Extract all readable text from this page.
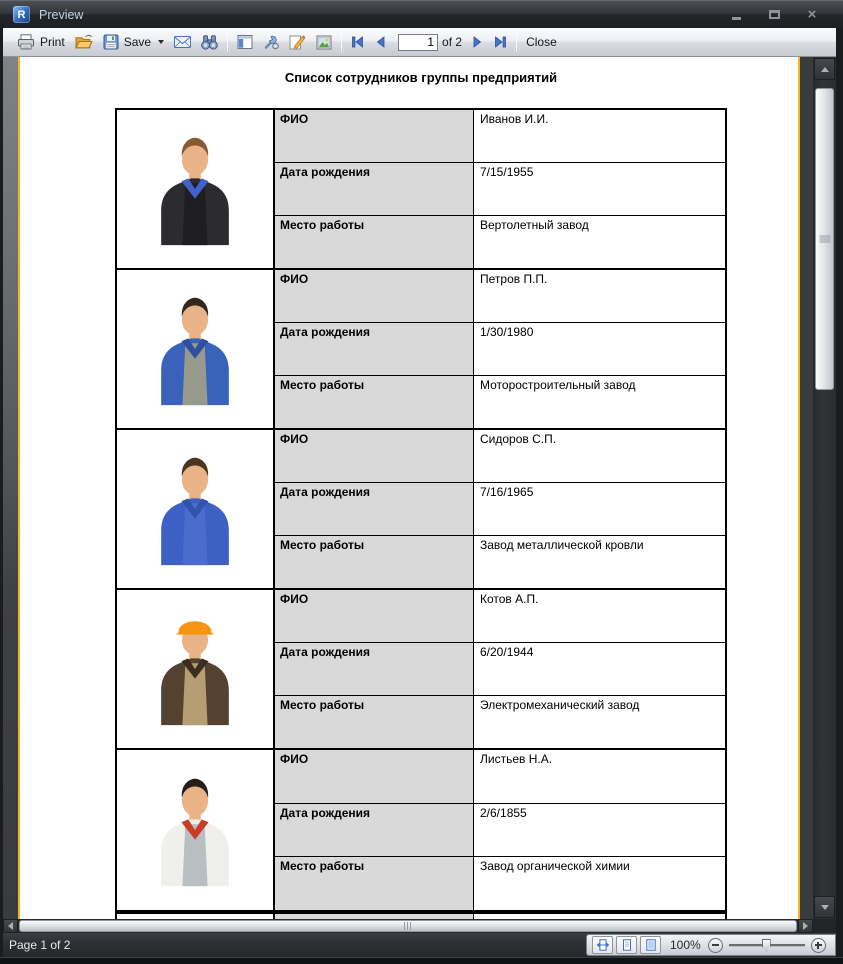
R	Preview	×
Print	Save
1	of 2	Close
Список сотрудников группы предприятий
ФИО	Иванов И.И.
Дата рождения	7/15/1955
Место работы	Вертолетный завод
ФИО	Петров П.П.
Дата рождения	1/30/1980
Место работы	Моторостроительный завод
ФИО	Сидоров С.П.
Дата рождения	7/16/1965
Место работы	Завод металлической кровли
ФИО	Котов А.П.
Дата рождения	6/20/1944
Место работы	Электромеханический завод
ФИО	Листьев Н.А.
Дата рождения	2/6/1855
Место работы	Завод органической химии
Page 1 of 2	100%
